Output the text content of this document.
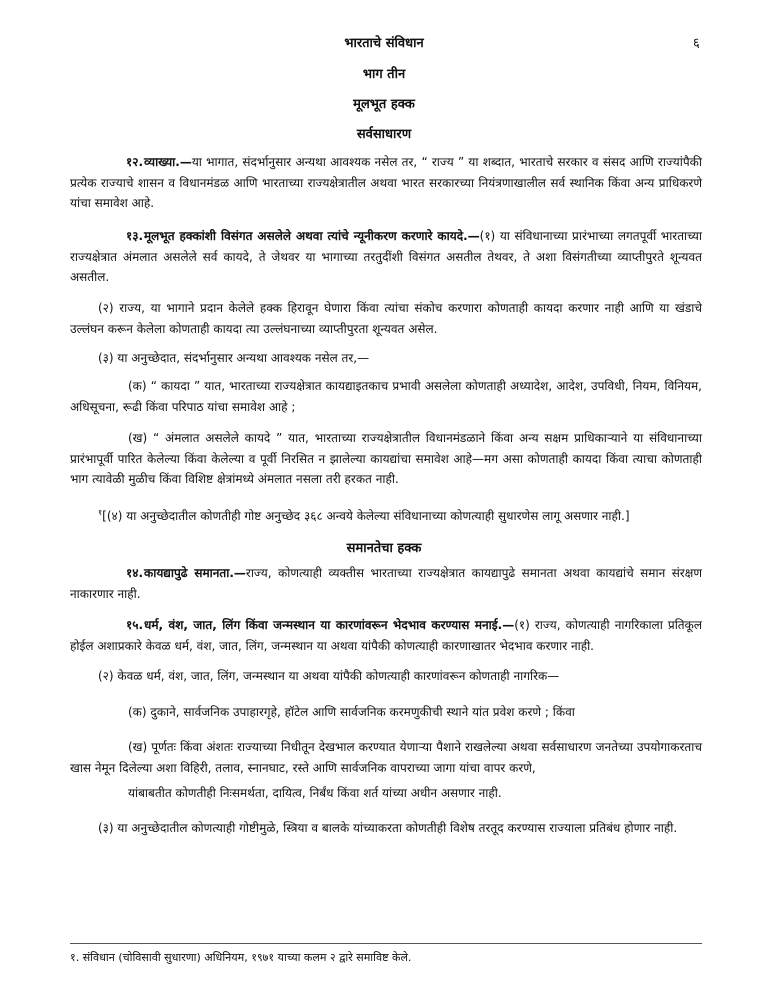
भारताचे संविधान	६
भाग तीन
मूलभूत हक्क
सर्वसाधारण

१२.व्याख्या.—या भागात, संदर्भानुसार अन्यथा आवश्यक नसेल तर, “ राज्य ” या शब्दात, भारताचे सरकार व संसद आणि राज्यांपैकी प्रत्येक राज्याचे शासन व विधानमंडळ आणि भारताच्या राज्यक्षेत्रातील अथवा भारत सरकारच्या नियंत्रणाखालील सर्व स्थानिक किंवा अन्य प्राधिकरणे यांचा समावेश आहे.

१३.मूलभूत हक्कांशी विसंगत असलेले अथवा त्यांचे न्यूनीकरण करणारे कायदे.—(१) या संविधानाच्या प्रारंभाच्या लगतपूर्वी भारताच्या राज्यक्षेत्रात अंमलात असलेले सर्व कायदे, ते जेथवर या भागाच्या तरतुदींशी विसंगत असतील तेथवर, ते अशा विसंगतीच्या व्याप्तीपुरते शून्यवत असतील.

(२) राज्य, या भागाने प्रदान केलेले हक्क हिरावून घेणारा किंवा त्यांचा संकोच करणारा कोणताही कायदा करणार नाही आणि या खंडाचे उल्लंघन करून केलेला कोणताही कायदा त्या उल्लंघनाच्या व्याप्तीपुरता शून्यवत असेल.

(३) या अनुच्छेदात, संदर्भानुसार अन्यथा आवश्यक नसेल तर,—

(क) “ कायदा ” यात, भारताच्या राज्यक्षेत्रात कायद्याइतकाच प्रभावी असलेला कोणताही अध्यादेश, आदेश, उपविधी, नियम, विनियम, अधिसूचना, रूढी किंवा परिपाठ यांचा समावेश आहे ;

(ख) “ अंमलात असलेले कायदे ” यात, भारताच्या राज्यक्षेत्रातील विधानमंडळाने किंवा अन्य सक्षम प्राधिकाऱ्याने या संविधानाच्या प्रारंभापूर्वी पारित केलेल्या किंवा केलेल्या व पूर्वी निरसित न झालेल्या कायद्यांचा समावेश आहे—मग असा कोणताही कायदा किंवा त्याचा कोणताही भाग त्यावेळी मुळीच किंवा विशिष्ट क्षेत्रांमध्ये अंमलात नसला तरी हरकत नाही.

$^१$[(४) या अनुच्छेदातील कोणतीही गोष्ट अनुच्छेद ३६८ अन्वये केलेल्या संविधानाच्या कोणत्याही सुधारणेस लागू असणार नाही.]

समानतेचा हक्क

१४.कायद्यापुढे समानता.—राज्य, कोणत्याही व्यक्तीस भारताच्या राज्यक्षेत्रात कायद्यापुढे समानता अथवा कायद्यांचे समान संरक्षण नाकारणार नाही.

१५.धर्म, वंश, जात, लिंग किंवा जन्मस्थान या कारणांवरून भेदभाव करण्यास मनाई.—(१) राज्य, कोणत्याही नागरिकाला प्रतिकूल होईल अशाप्रकारे केवळ धर्म, वंश, जात, लिंग, जन्मस्थान या अथवा यांपैकी कोणत्याही कारणाखातर भेदभाव करणार नाही.

(२) केवळ धर्म, वंश, जात, लिंग, जन्मस्थान या अथवा यांपैकी कोणत्याही कारणांवरून कोणताही नागरिक—

(क) दुकाने, सार्वजनिक उपाहारगृहे, हॉटेल आणि सार्वजनिक करमणुकीची स्थाने यांत प्रवेश करणे ; किंवा

(ख) पूर्णतः किंवा अंशतः राज्याच्या निधीतून देखभाल करण्यात येणाऱ्या पैशाने राखलेल्या अथवा सर्वसाधारण जनतेच्या उपयोगाकरताच खास नेमून दिलेल्या अशा विहिरी, तलाव, स्नानघाट, रस्ते आणि सार्वजनिक वापराच्या जागा यांचा वापर करणे,

यांबाबतीत कोणतीही निःसमर्थता, दायित्व, निर्बंध किंवा शर्त यांच्या अधीन असणार नाही.

(३) या अनुच्छेदातील कोणत्याही गोष्टीमुळे, स्त्रिया व बालके यांच्याकरता कोणतीही विशेष तरतूद करण्यास राज्याला प्रतिबंध होणार नाही.

१. संविधान (चोविसावी सुधारणा) अधिनियम, १९७१ याच्या कलम २ द्वारे समाविष्ट केले.
